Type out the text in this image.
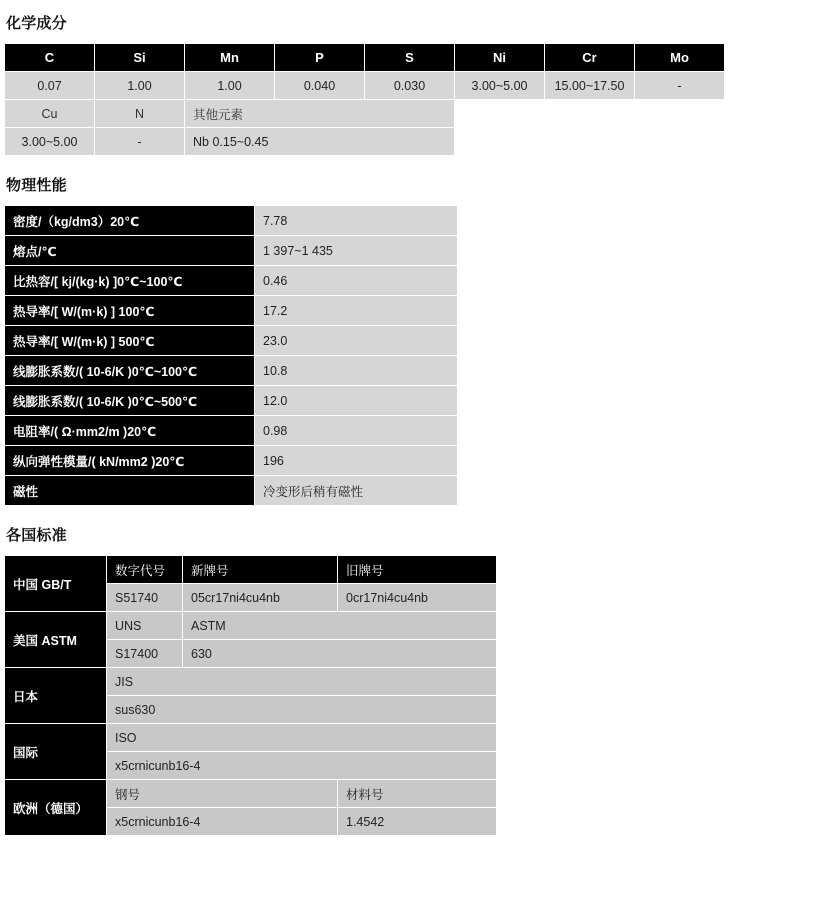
化学成分
C	Si	Mn	P	S	Ni	Cr	Mo
0.07	1.00	1.00	0.040	0.030	3.00~5.00	15.00~17.50	-
Cu	N	其他元素					
3.00~5.00	-	Nb 0.15~0.45					
物理性能
密度/（kg/dm3）20℃	7.78
熔点/℃	1 397~1 435
比热容/[ kj/(kg·k) ]0℃~100℃	0.46
热导率/[ W/(m·k) ] 100℃	17.2
热导率/[ W/(m·k) ] 500℃	23.0
线膨胀系数/( 10-6/K )0℃~100℃	10.8
线膨胀系数/( 10-6/K )0℃~500℃	12.0
电阻率/( Ω·mm2/m )20℃	0.98
纵向弹性模量/( kN/mm2 )20℃	196
磁性	冷变形后稍有磁性
各国标准
中国 GB/T	数字代号	新牌号	旧牌号
	S51740	05cr17ni4cu4nb	0cr17ni4cu4nb
美国 ASTM	UNS	ASTM	
	S17400	630	
日本	JIS		
	sus630		
国际	ISO		
	x5crnicunb16-4		
欧洲（德国）	钢号		材料号
	x5crnicunb16-4		1.4542
